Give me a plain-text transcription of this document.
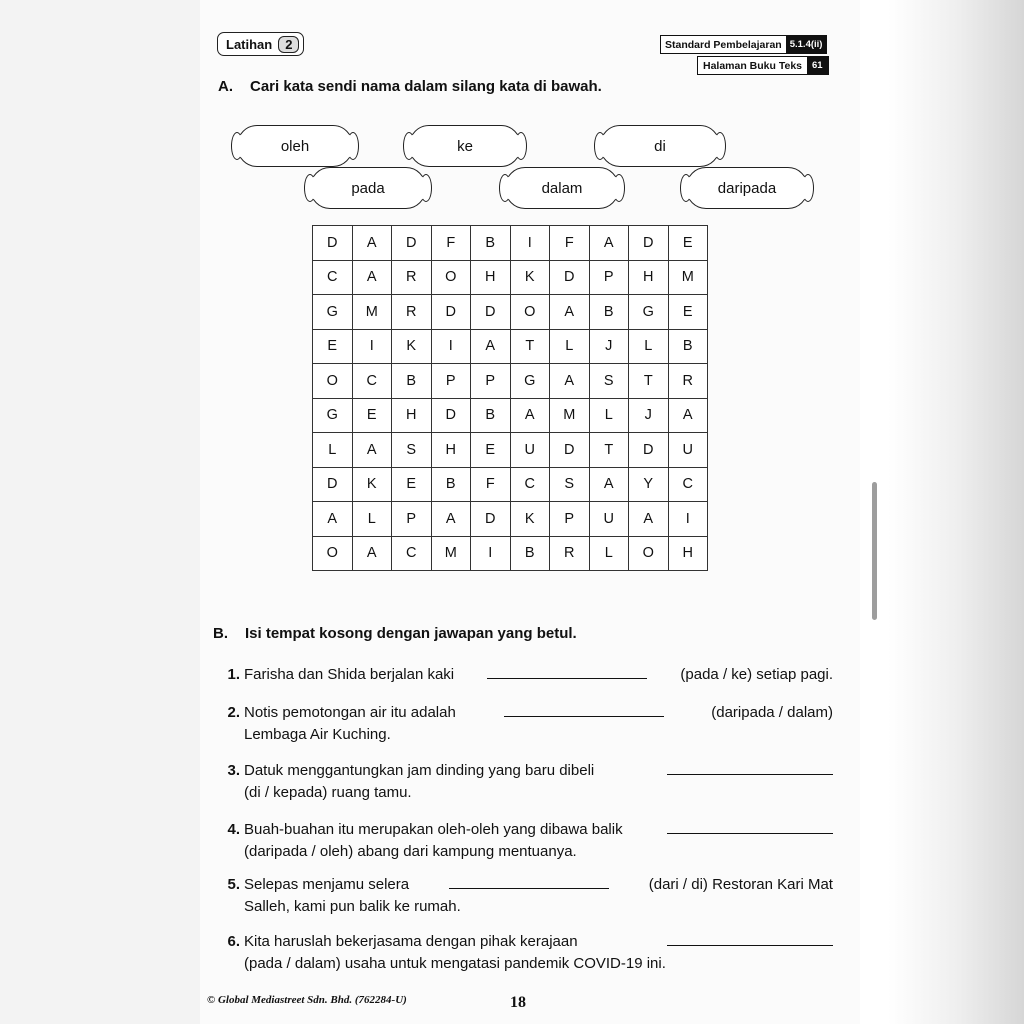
Latihan	2	Standard Pembelajaran 5.1.4(ii)
Halaman Buku Teks	61
A. Cari kata sendi nama dalam silang kata di bawah.
oleh	ke	di
pada	dalam	daripada
D	A	D	F	B	I	F	A	D	E
C	A	R	O	H	K	D	P	H	M
G	M	R	D	D	O	A	B	G	E
E	I	K	I	A	T	L	J	L	B
O	C	B	P	P	G	A	S	T	R
G	E	H	D	B	A	M	L	J	A
L	A	S	H	E	U	D	T	D	U
D	K	E	B	F	C	S	A	Y	C
A	L	P	A	D	K	P	U	A	I
O	A	C	M	I	B	R	L	O	H
B. Isi tempat kosong dengan jawapan yang betul.
1. Farisha dan Shida berjalan kaki	(pada / ke) setiap pagi.
2. Notis pemotongan air itu adalah	(daripada / dalam)
Lembaga Air Kuching.
3. Datuk menggantungkan jam dinding yang baru dibeli
(di / kepada) ruang tamu.
4. Buah-buahan itu merupakan oleh-oleh yang dibawa balik
(daripada / oleh) abang dari kampung mentuanya.
5. Selepas menjamu selera	(dari / di) Restoran Kari Mat
Salleh, kami pun balik ke rumah.
6. Kita haruslah bekerjasama dengan pihak kerajaan
(pada / dalam) usaha untuk mengatasi pandemik COVID-19 ini.
© Global Mediastreet Sdn. Bhd. (762284-U)	18
